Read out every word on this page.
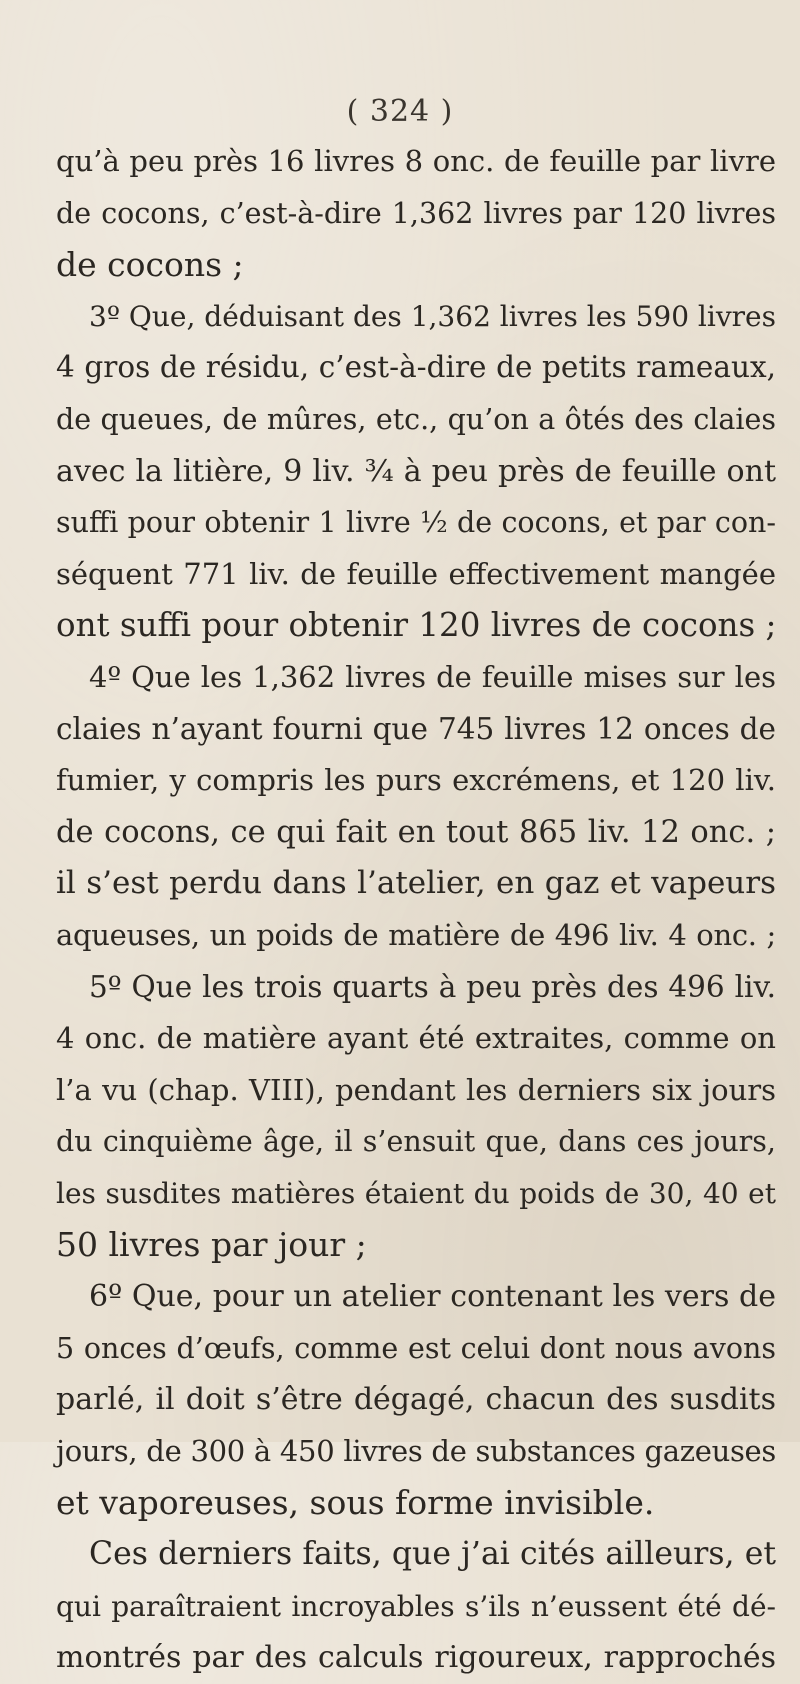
( 324 )
qu’à peu près 16 livres 8 onc. de feuille par livre
de cocons, c’est-à-dire 1,362 livres par 120 livres
de cocons ;
3º Que, déduisant des 1,362 livres les 590 livres
4 gros de résidu, c’est-à-dire de petits rameaux,
de queues, de mûres, etc., qu’on a ôtés des claies
avec la litière, 9 liv. ¾ à peu près de feuille ont
suffi pour obtenir 1 livre ½ de cocons, et par con-
séquent 771 liv. de feuille effectivement mangée
ont suffi pour obtenir 120 livres de cocons ;
4º Que les 1,362 livres de feuille mises sur les
claies n’ayant fourni que 745 livres 12 onces de
fumier, y compris les purs excrémens, et 120 liv.
de cocons, ce qui fait en tout 865 liv. 12 onc. ;
il s’est perdu dans l’atelier, en gaz et vapeurs
aqueuses, un poids de matière de 496 liv. 4 onc. ;
5º Que les trois quarts à peu près des 496 liv.
4 onc. de matière ayant été extraites, comme on
l’a vu (chap. VIII), pendant les derniers six jours
du cinquième âge, il s’ensuit que, dans ces jours,
les susdites matières étaient du poids de 30, 40 et
50 livres par jour ;
6º Que, pour un atelier contenant les vers de
5 onces d’œufs, comme est celui dont nous avons
parlé, il doit s’être dégagé, chacun des susdits
jours, de 300 à 450 livres de substances gazeuses
et vaporeuses, sous forme invisible.
Ces derniers faits, que j’ai cités ailleurs, et
qui paraîtraient incroyables s’ils n’eussent été dé-
montrés par des calculs rigoureux, rapprochés
